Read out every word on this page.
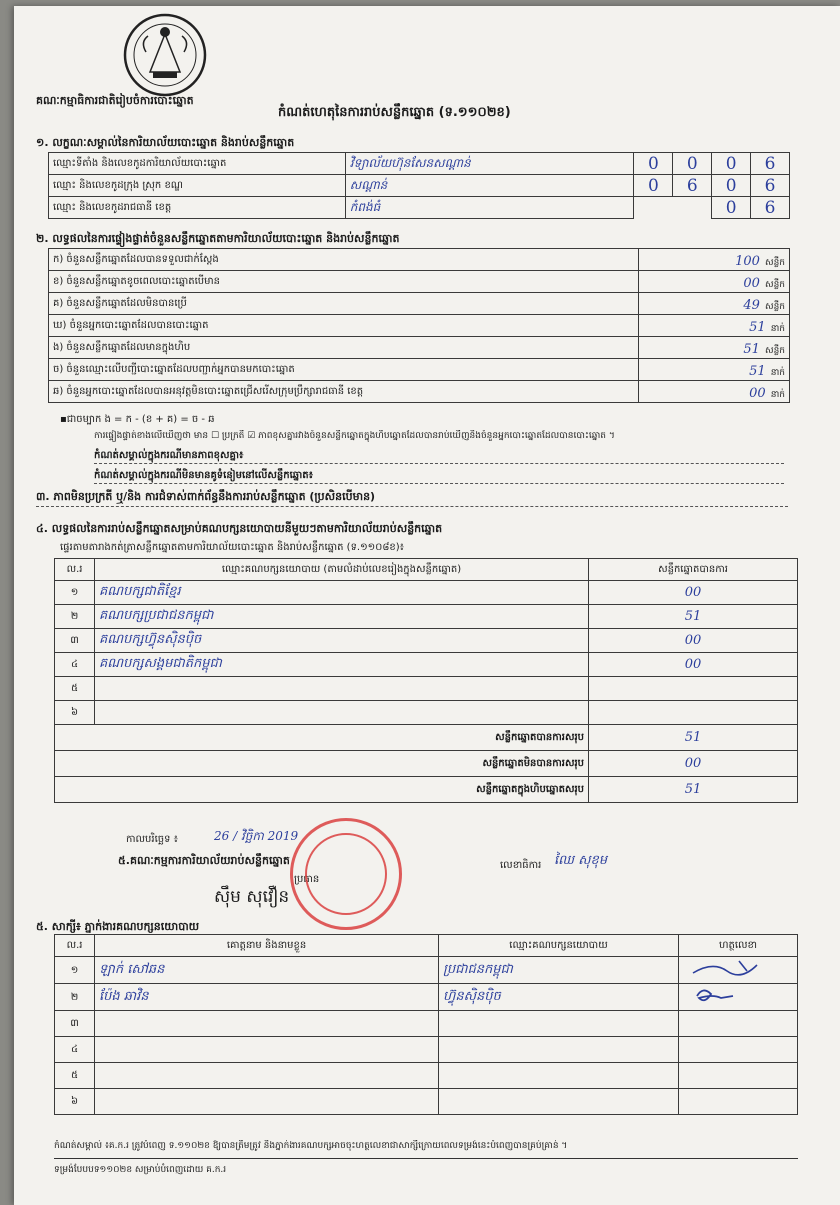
គណៈកម្មាធិការជាតិរៀបចំការបោះឆ្នោត
កំណត់ហេតុនៃការរាប់សន្លឹកឆ្នោត (ទ.១១០២ខ)
១. លក្ខណៈសម្គាល់នៃការិយាល័យបោះឆ្នោត និងរាប់សន្លឹកឆ្នោត
ឈ្មោះទីតាំង និងលេខកូដការិយាល័យបោះឆ្នោត	វិទ្យាល័យហ៊ុនសែនសណ្តាន់	0	0	0	6
ឈ្មោះ និងលេខកូដក្រុង ស្រុក ខណ្ឌ	សណ្តាន់	0	6	0	6
ឈ្មោះ និងលេខកូដរាជធានី ខេត្ត	កំពង់ធំ			0	6
២. លទ្ធផលនៃការផ្ទៀងផ្ទាត់ចំនួនសន្លឹកឆ្នោតតាមការិយាល័យបោះឆ្នោត និងរាប់សន្លឹកឆ្នោត
ក) ចំនួនសន្លឹកឆ្នោតដែលបានទទួលជាក់ស្តែង	100 សន្លឹក
ខ) ចំនួនសន្លឹកឆ្នោតខូចពេលបោះឆ្នោតបើមាន	00 សន្លឹក
គ) ចំនួនសន្លឹកឆ្នោតដែលមិនបានប្រើ	49 សន្លឹក
ឃ) ចំនួនអ្នកបោះឆ្នោតដែលបានបោះឆ្នោត	51 នាក់
ង) ចំនួនសន្លឹកឆ្នោតដែលមានក្នុងហិប	51 សន្លឹក
ច) ចំនួនឈ្មោះលើបញ្ជីបោះឆ្នោតដែលបញ្ជាក់អ្នកបានមកបោះឆ្នោត	51 នាក់
ឆ) ចំនួនអ្នកបោះឆ្នោតដែលបានអនុវត្តមិនបោះឆ្នោតជ្រើសរើសក្រុមប្រឹក្សារាជធានី ខេត្ត	00 នាក់
▪ជាចម្បាក ង = ក - (ខ + គ) = ច - ឆ
ការផ្ទៀងផ្ទាត់ខាងលើឃើញថា មាន ☐ ប្រក្រតី ☑ ភាពខុសគ្នារវាងចំនួនសន្លឹកឆ្នោតក្នុងហិបឆ្នោតដែលបានរាប់ឃើញនិងចំនួនអ្នកបោះឆ្នោតដែលបានបោះឆ្នោត ។
កំណត់សម្គាល់ក្នុងករណីមានភាពខុសគ្នា៖
កំណត់សម្គាល់ក្នុងករណីមិនមានគូទំនៀមនៅលើសន្លឹកឆ្នោត៖
៣. ភាពមិនប្រក្រតី ឬ/និង ការជំទាស់ពាក់ព័ន្ធនឹងការរាប់សន្លឹកឆ្នោត (ប្រសិនបើមាន)
៤. លទ្ធផលនៃការរាប់សន្លឹកឆ្នោតសម្រាប់គណបក្សនយោបាយនីមួយៗតាមការិយាល័យរាប់សន្លឹកឆ្នោត
ផ្ទេរតាមតារាងកត់ត្រាសន្លឹកឆ្នោតតាមការិយាល័យបោះឆ្នោត និងរាប់សន្លឹកឆ្នោត (ទ.១១០៨ខ)៖
ល.រ	ឈ្មោះគណបក្សនយោបាយ (តាមលំដាប់លេខរៀងក្នុងសន្លឹកឆ្នោត)	សន្លឹកឆ្នោតបានការ
១	គណបក្សជាតិខ្មែរ	00
២	គណបក្សប្រជាជនកម្ពុជា	51
៣	គណបក្សហ៊្វុនស៊ិនប៉ិច	00
៤	គណបក្សសង្គមជាតិកម្ពុជា	00
៥		
៦		
សន្លឹកឆ្នោតបានការសរុប		51
សន្លឹកឆ្នោតមិនបានការសរុប		00
សន្លឹកឆ្នោតក្នុងហិបឆ្នោតសរុប		51
កាលបរិច្ឆេទ ៖	26 / វិច្ឆិកា 2019
៥.គណៈកម្មការការិយាល័យរាប់សន្លឹកឆ្នោត
ប្រធាន
ស៊ឹម សុវឿន
លេខាធិការ ឈៃ សុខុម
៥. សាក្សី៖ ភ្នាក់ងារគណបក្សនយោបាយ
ល.រ	គោត្តនាម និងនាមខ្លួន	ឈ្មោះគណបក្សនយោបាយ	ហត្ថលេខា
១	ឡាក់ សៅឆន	ប្រជាជនកម្ពុជា	
២	ប៉ែង ឆាវិន	ហ៊្វុនស៊ិនប៉ិច	
៣			
៤			
៥			
៦			
កំណត់សម្គាល់ ៖គ.ក.រ ត្រូវបំពេញ ទ.១១០២ខ ឱ្យបានត្រឹមត្រូវ និងភ្នាក់ងារគណបក្សអាចចុះហត្ថលេខាជាសាក្សីក្រោយពេលទម្រង់នេះបំពេញបានគ្រប់គ្រាន់ ។
ទម្រង់បែបបទ១១០២ខ សម្រាប់បំពេញដោយ គ.ក.រ
